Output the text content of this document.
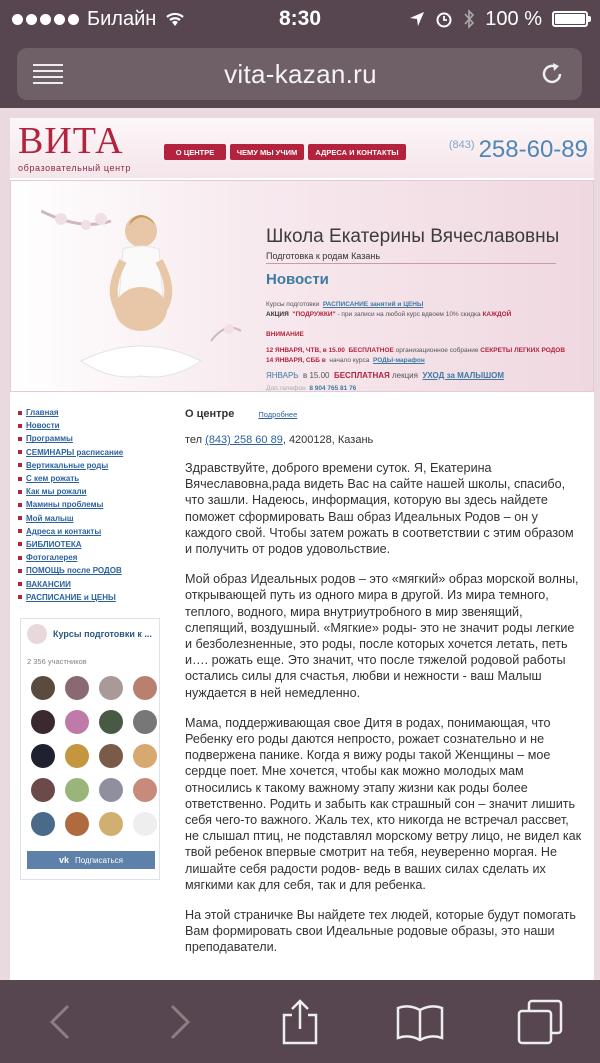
Билайн	8:30	100 %
vita-kazan.ru
ВИТА
образовательный центр
О ЦЕНТРЕ	ЧЕМУ МЫ УЧИМ	АДРЕСА И КОНТАКТЫ
$^{(843)}$ 258-60-89
Школа Екатерины Вячеславовны
Подготовка к родам Казань
Новости
Курсы подготовки РАСПИСАНИЕ занятий и ЦЕНЫ
АКЦИЯ "ПОДРУЖКИ" - при записи на любой курс вдвоем 10% скидка КАЖДОЙ
ВНИМАНИЕ
12 ЯНВАРЯ, ЧТВ, в 15.00 БЕСПЛАТНОЕ организационное собрание СЕКРЕТЫ ЛЕГКИХ РОДОВ
14 ЯНВАРЯ, СББ в начало курса РОДЫ-марафон
ЯНВАРЬ в 15.00 БЕСПЛАТНАЯ лекция УХОД за МАЛЫШОМ
Доп.телефон 8 904 765 81 76
Главная
Новости
Программы
СЕМИНАРЫ расписание
Вертикальные роды
С кем рожать
Как мы рожали
Мамины проблемы
Мой малыш
Адреса и контакты
БИБЛИОТЕКА
Фотогалерея
ПОМОЩЬ после РОДОВ
ВАКАНСИИ
РАСПИСАНИЕ и ЦЕНЫ
Курсы подготовки к ...
2 356 участников
vk Подписаться
О центре	Подробнее
тел (843) 258 60 89, 4200128, Казань
Здравствуйте, доброго времени суток. Я, Екатерина Вячеславовна,рада видеть Вас на сайте нашей школы, спасибо, что зашли. Надеюсь, информация, которую вы здесь найдете поможет сформировать Ваш образ Идеальных Родов – он у каждого свой. Чтобы затем рожать в соответствии с этим образом и получить от родов удовольствие.
Мой образ Идеальных родов – это «мягкий» образ морской волны, открывающей путь из одного мира в другой. Из мира темного, теплого, водного, мира внутриутробного в мир звенящий, слепящий, воздушный. «Мягкие» роды- это не значит роды легкие и безболезненные, это роды, после которых хочется летать, петь и…. рожать еще. Это значит, что после тяжелой родовой работы остались силы для счастья, любви и нежности - ваш Малыш нуждается в ней немедленно.
Мама, поддерживающая свое Дитя в родах, понимающая, что Ребенку его роды даются непросто, рожает сознательно и не подвержена панике. Когда я вижу роды такой Женщины – мое сердце поет. Мне хочется, чтобы как можно молодых мам относились к такому важному этапу жизни как роды более ответственно. Родить и забыть как страшный сон – значит лишить себя чего-то важного. Жаль тех, кто никогда не встречал рассвет, не слышал птиц, не подставлял морскому ветру лицо, не видел как твой ребенок впервые смотрит на тебя, неуверенно моргая. Не лишайте себя радости родов- ведь в ваших силах сделать их мягкими как для себя, так и для ребенка.
На этой страничке Вы найдете тех людей, которые будут помогать Вам формировать свои Идеальные родовые образы, это наши преподаватели.
